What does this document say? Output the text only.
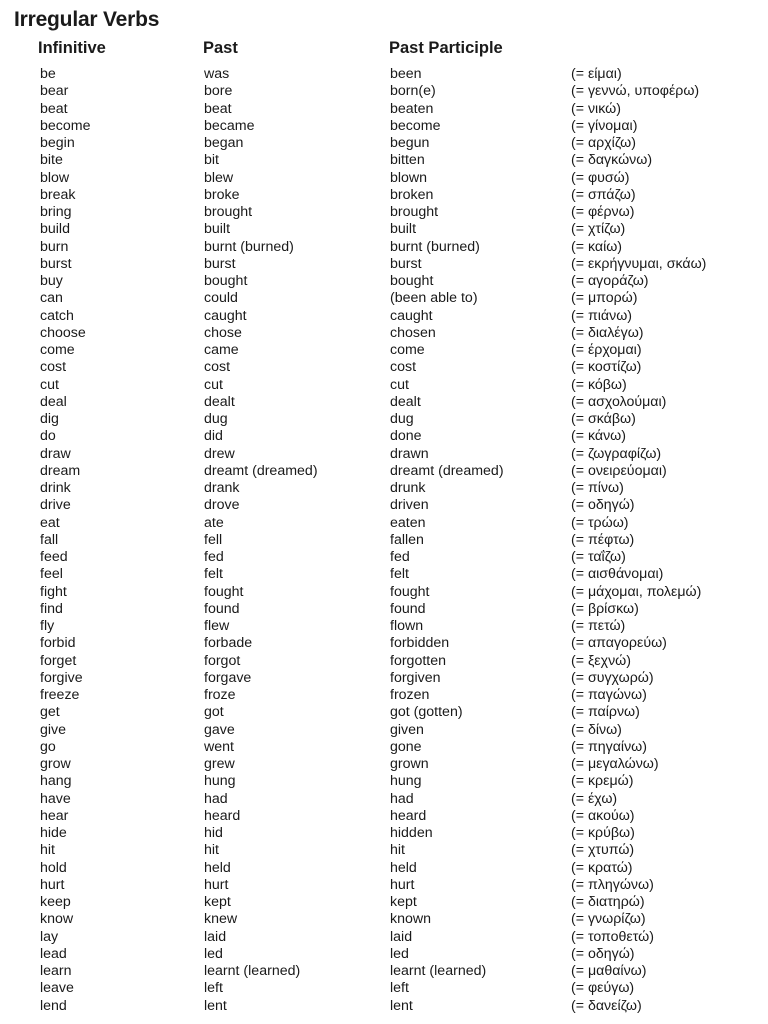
Irregular Verbs
Infinitive	Past	Past Participle
be	was	been	(= είμαι)
bear	bore	born(e)	(= γεννώ, υποφέρω)
beat	beat	beaten	(= νικώ)
become	became	become	(= γίνομαι)
begin	began	begun	(= αρχίζω)
bite	bit	bitten	(= δαγκώνω)
blow	blew	blown	(= φυσώ)
break	broke	broken	(= σπάζω)
bring	brought	brought	(= φέρνω)
build	built	built	(= χτίζω)
burn	burnt (burned)	burnt (burned)	(= καίω)
burst	burst	burst	(= εκρήγνυμαι, σκάω)
buy	bought	bought	(= αγοράζω)
can	could	(been able to)	(= μπορώ)
catch	caught	caught	(= πιάνω)
choose	chose	chosen	(= διαλέγω)
come	came	come	(= έρχομαι)
cost	cost	cost	(= κοστίζω)
cut	cut	cut	(= κόβω)
deal	dealt	dealt	(= ασχολούμαι)
dig	dug	dug	(= σκάβω)
do	did	done	(= κάνω)
draw	drew	drawn	(= ζωγραφίζω)
dream	dreamt (dreamed)	dreamt (dreamed)	(= ονειρεύομαι)
drink	drank	drunk	(= πίνω)
drive	drove	driven	(= οδηγώ)
eat	ate	eaten	(= τρώω)
fall	fell	fallen	(= πέφτω)
feed	fed	fed	(= ταΐζω)
feel	felt	felt	(= αισθάνομαι)
fight	fought	fought	(= μάχομαι, πολεμώ)
find	found	found	(= βρίσκω)
fly	flew	flown	(= πετώ)
forbid	forbade	forbidden	(= απαγορεύω)
forget	forgot	forgotten	(= ξεχνώ)
forgive	forgave	forgiven	(= συγχωρώ)
freeze	froze	frozen	(= παγώνω)
get	got	got (gotten)	(= παίρνω)
give	gave	given	(= δίνω)
go	went	gone	(= πηγαίνω)
grow	grew	grown	(= μεγαλώνω)
hang	hung	hung	(= κρεμώ)
have	had	had	(= έχω)
hear	heard	heard	(= ακούω)
hide	hid	hidden	(= κρύβω)
hit	hit	hit	(= χτυπώ)
hold	held	held	(= κρατώ)
hurt	hurt	hurt	(= πληγώνω)
keep	kept	kept	(= διατηρώ)
know	knew	known	(= γνωρίζω)
lay	laid	laid	(= τοποθετώ)
lead	led	led	(= οδηγώ)
learn	learnt (learned)	learnt (learned)	(= μαθαίνω)
leave	left	left	(= φεύγω)
lend	lent	lent	(= δανείζω)
